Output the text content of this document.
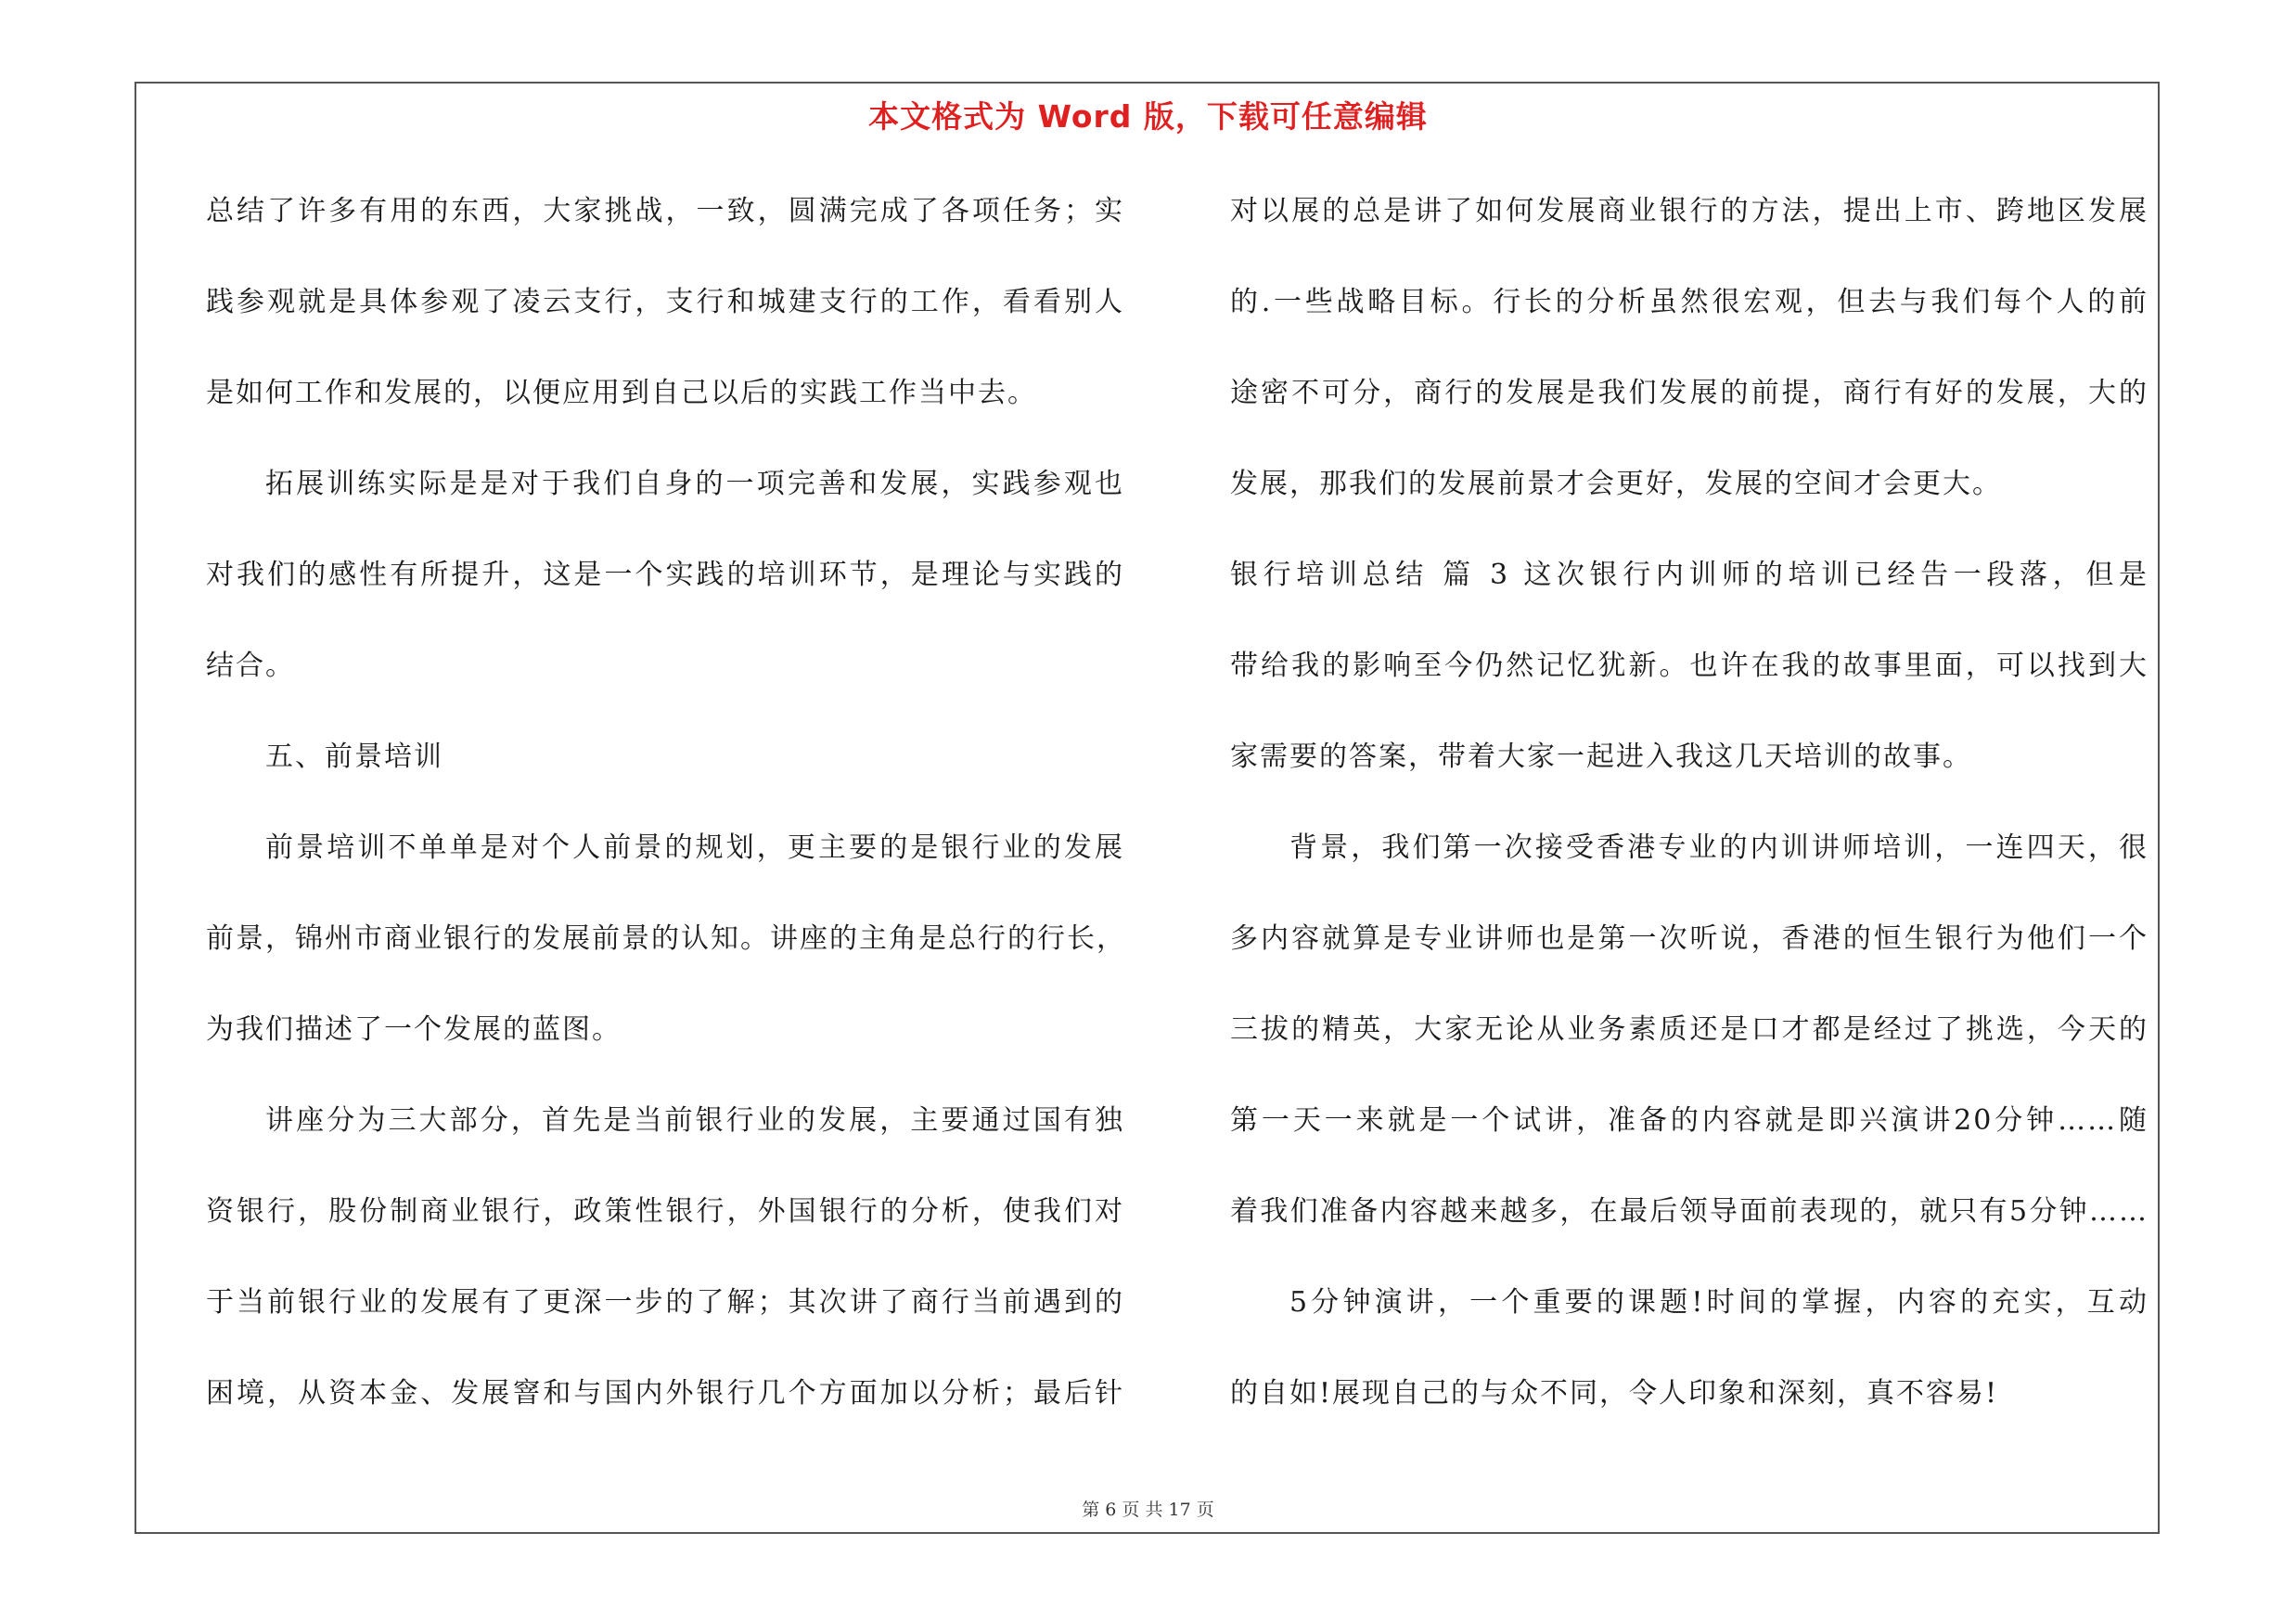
本文格式为 Word 版，下载可任意编辑
总结了许多有用的东西，大家挑战，一致，圆满完成了各项任务；实
践参观就是具体参观了凌云支行，支行和城建支行的工作，看看别人
是如何工作和发展的，以便应用到自己以后的实践工作当中去。
拓展训练实际是是对于我们自身的一项完善和发展，实践参观也
对我们的感性有所提升，这是一个实践的培训环节，是理论与实践的
结合。
五、前景培训
前景培训不单单是对个人前景的规划，更主要的是银行业的发展
前景，锦州市商业银行的发展前景的认知。讲座的主角是总行的行长，
为我们描述了一个发展的蓝图。
讲座分为三大部分，首先是当前银行业的发展，主要通过国有独
资银行，股份制商业银行，政策性银行，外国银行的分析，使我们对
于当前银行业的发展有了更深一步的了解；其次讲了商行当前遇到的
困境，从资本金、发展窨和与国内外银行几个方面加以分析；最后针
对以展的总是讲了如何发展商业银行的方法，提出上市、跨地区发展
的.一些战略目标。行长的分析虽然很宏观，但去与我们每个人的前
途密不可分，商行的发展是我们发展的前提，商行有好的发展，大的
发展，那我们的发展前景才会更好，发展的空间才会更大。
银行培训总结 篇 3 这次银行内训师的培训已经告一段落，但是
带给我的影响至今仍然记忆犹新。也许在我的故事里面，可以找到大
家需要的答案，带着大家一起进入我这几天培训的故事。
背景，我们第一次接受香港专业的内训讲师培训，一连四天，很
多内容就算是专业讲师也是第一次听说，香港的恒生银行为他们一个
三拔的精英，大家无论从业务素质还是口才都是经过了挑选，今天的
第一天一来就是一个试讲，准备的内容就是即兴演讲20分钟……随
着我们准备内容越来越多，在最后领导面前表现的，就只有5分钟……
5分钟演讲，一个重要的课题!时间的掌握，内容的充实，互动
的自如!展现自己的与众不同，令人印象和深刻，真不容易!
第 6 页 共 17 页
